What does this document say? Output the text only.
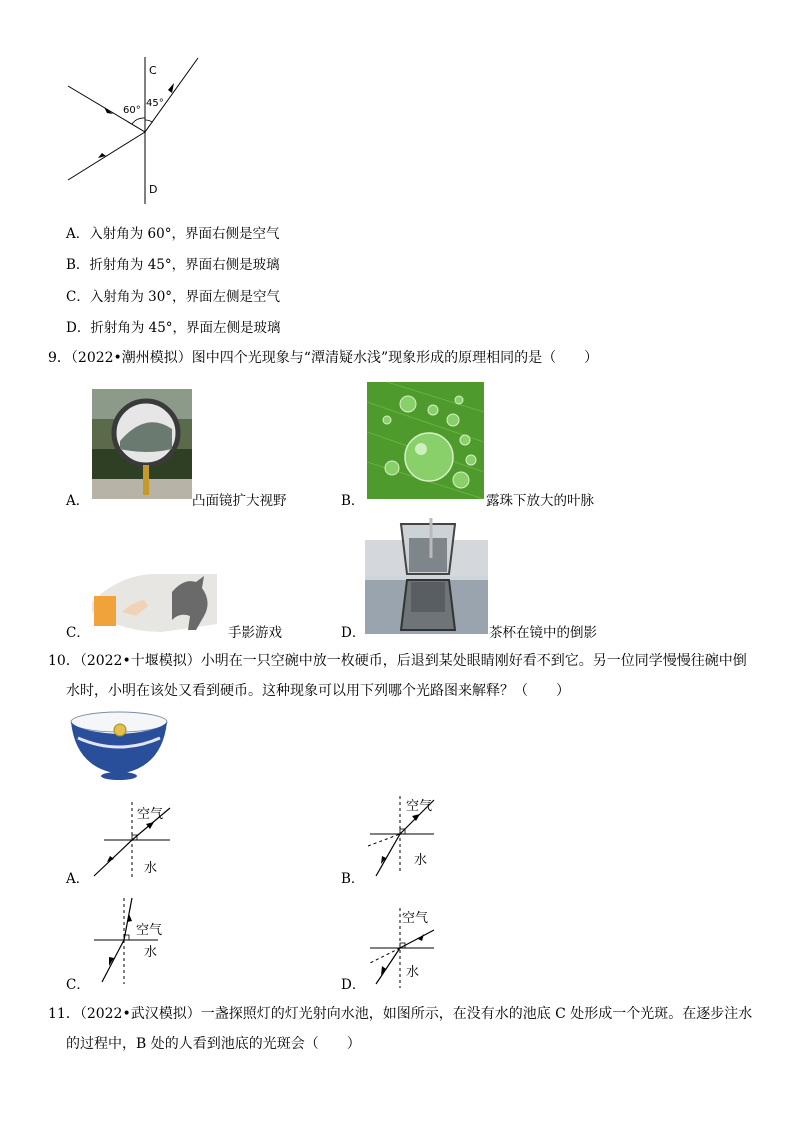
C
D
60°
45°
A．入射角为 60°，界面右侧是空气
B．折射角为 45°，界面右侧是玻璃
C．入射角为 30°，界面左侧是空气
D．折射角为 45°，界面左侧是玻璃
9．（2022•潮州模拟）图中四个光现象与“潭清疑水浅”现象形成的原理相同的是（　　）
A．	凸面镜扩大视野	B．	露珠下放大的叶脉
C．	手影游戏	D．	茶杯在镜中的倒影
10．（2022•十堰模拟）小明在一只空碗中放一枚硬币，后退到某处眼睛刚好看不到它。另一位同学慢慢往碗中倒
水时，小明在该处又看到硬币。这种现象可以用下列哪个光路图来解释？（　　）
A．
空气
水
B．
空气
水
C．
空气
水
D．
空气
水
11．（2022•武汉模拟）一盏探照灯的灯光射向水池，如图所示，在没有水的池底 C 处形成一个光斑。在逐步注水
的过程中，B 处的人看到池底的光斑会（　　）
